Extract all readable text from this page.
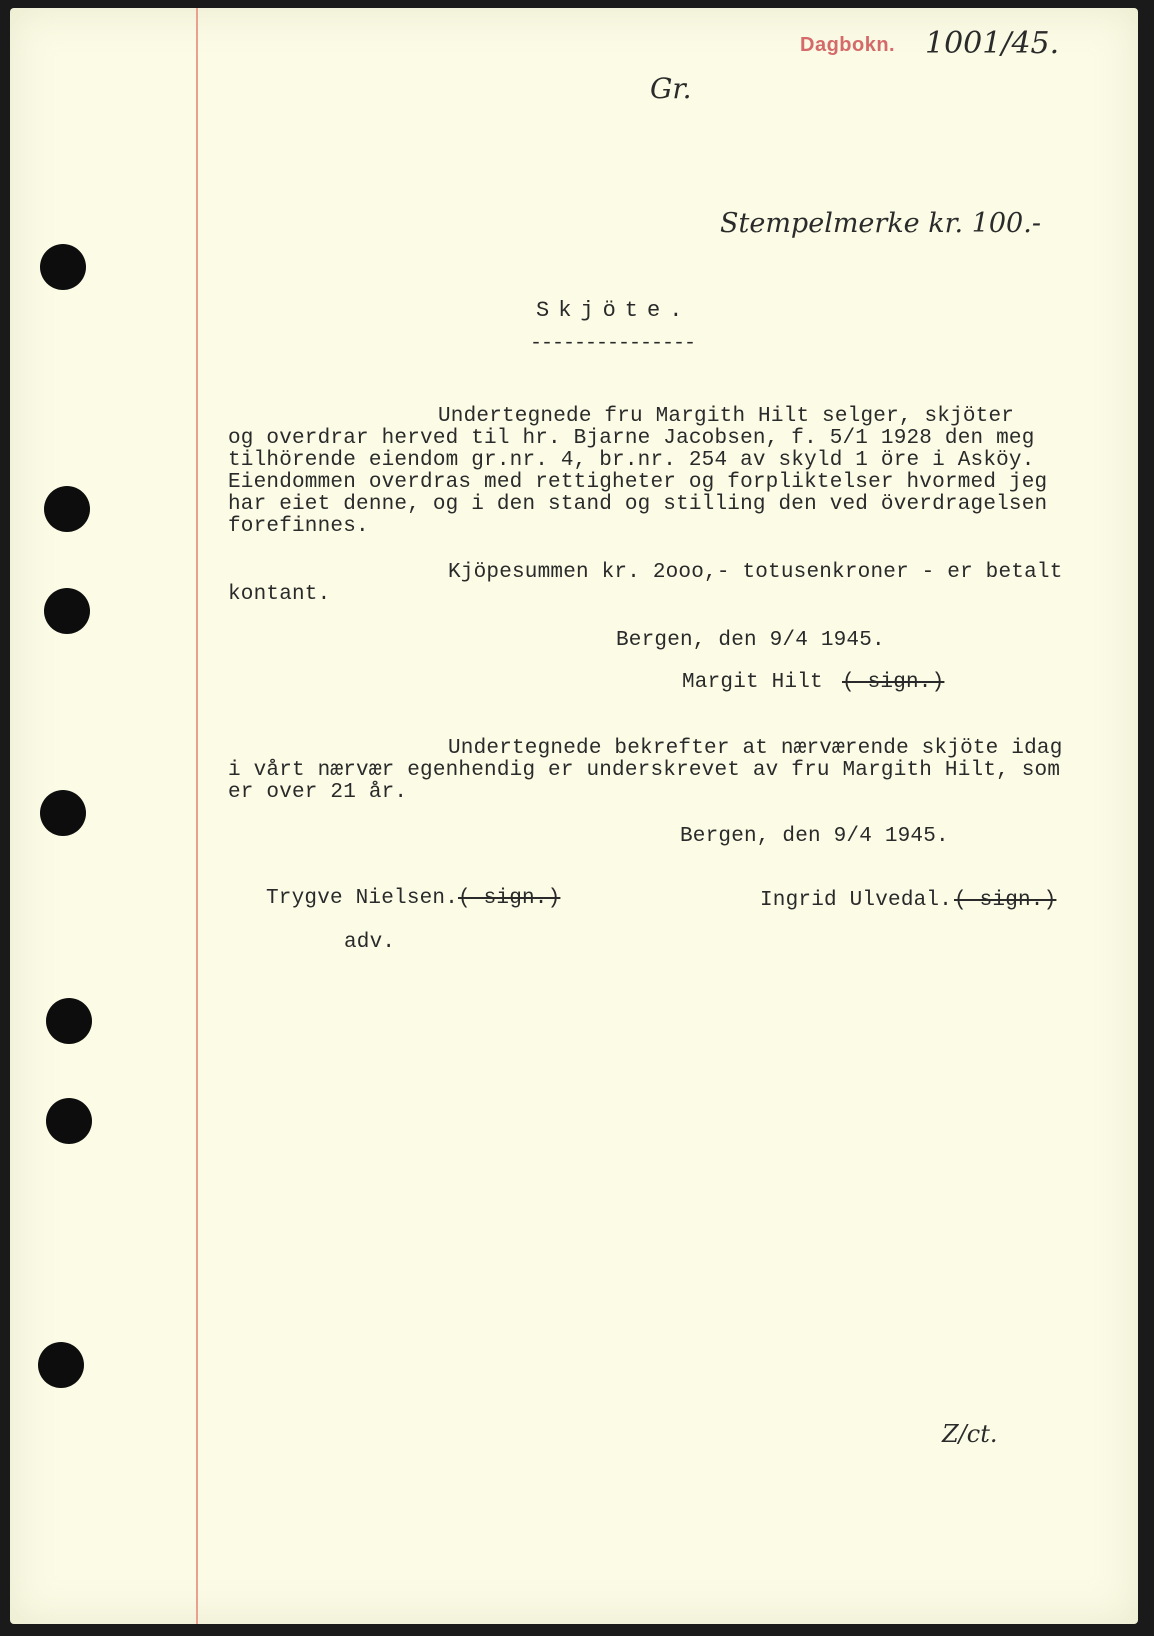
Dagbokn. 1001/45.
Gr.
Stempelmerke kr. 100.-
Skjöte.
---------------
Undertegnede fru Margith Hilt selger, skjöter
og overdrar herved til hr. Bjarne Jacobsen, f. 5/1 1928 den meg
tilhörende eiendom gr.nr. 4, br.nr. 254 av skyld 1 öre i Asköy.
Eiendommen overdras med rettigheter og forpliktelser hvormed jeg
har eiet denne, og i den stand og stilling den ved överdragelsen
forefinnes.
Kjöpesummen kr. 2ooo,- totusenkroner - er betalt
kontant.
Bergen, den 9/4 1945.
Margit Hilt ( sign.)
Undertegnede bekrefter at nærværende skjöte idag
i vårt nærvær egenhendig er underskrevet av fru Margith Hilt, som
er over 21 år.
Bergen, den 9/4 1945.
Trygve Nielsen. ( sign.)
adv.
Ingrid Ulvedal. ( sign.)
Z/ct.
